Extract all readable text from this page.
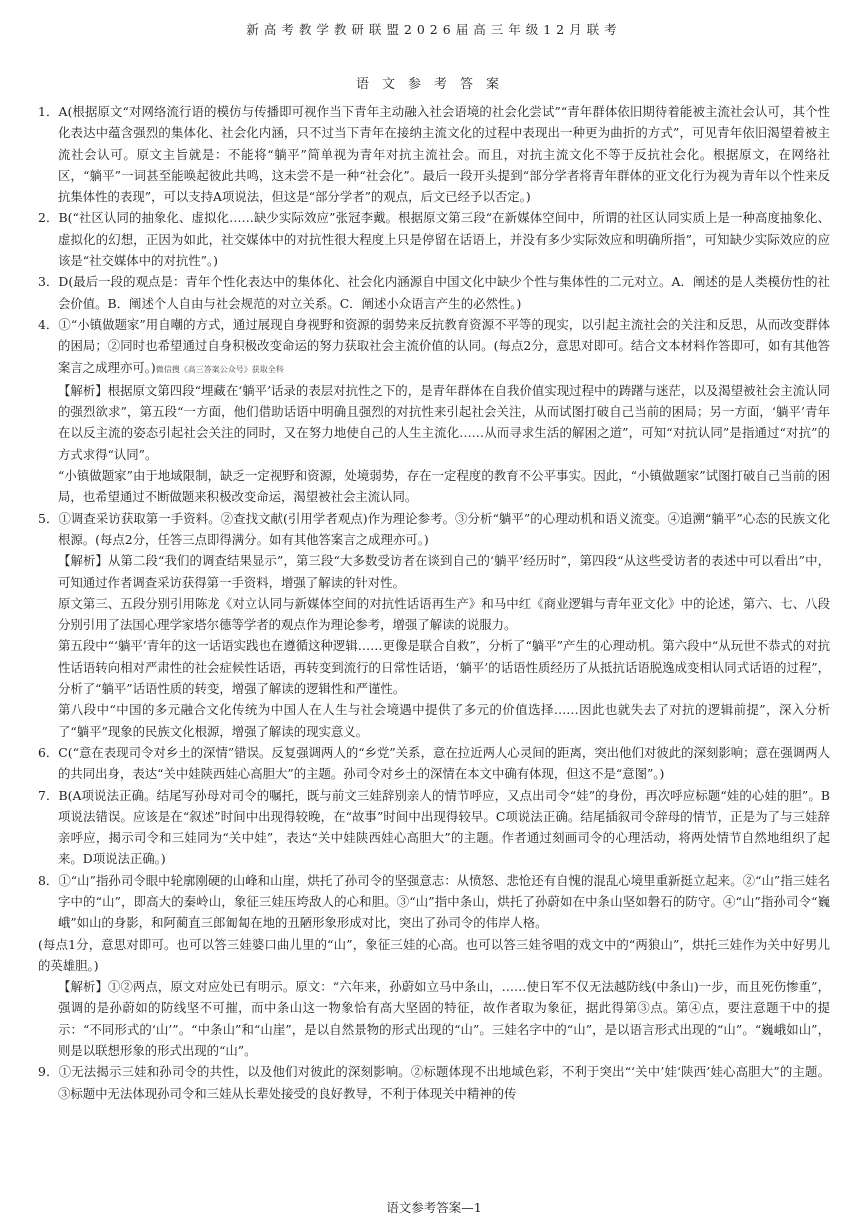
新高考教学教研联盟2026届高三年级12月联考
语文参考答案

1．A(根据原文“对网络流行语的模仿与传播即可视作当下青年主动融入社会语境的社会化尝试”“青年群体依旧期待着能被主流社会认可，其个性化表达中蕴含强烈的集体化、社会化内涵，只不过当下青年在接纳主流文化的过程中表现出一种更为曲折的方式”，可见青年依旧渴望着被主流社会认可。原文主旨就是：不能将“躺平”简单视为青年对抗主流社会。而且，对抗主流文化不等于反抗社会化。根据原文，在网络社区，“躺平”一词甚至能唤起彼此共鸣，这未尝不是一种“社会化”。最后一段开头提到“部分学者将青年群体的亚文化行为视为青年以个性来反抗集体性的表现”，可以支持A项说法，但这是“部分学者”的观点，后文已经予以否定。)

2．B(“社区认同的抽象化、虚拟化……缺少实际效应”张冠李戴。根据原文第三段“在新媒体空间中，所谓的社区认同实质上是一种高度抽象化、虚拟化的幻想，正因为如此，社交媒体中的对抗性很大程度上只是停留在话语上，并没有多少实际效应和明确所指”，可知缺少实际效应的应该是“社交媒体中的对抗性”。)

3．D(最后一段的观点是：青年个性化表达中的集体化、社会化内涵源自中国文化中缺少个性与集体性的二元对立。A．阐述的是人类模仿性的社会价值。B．阐述个人自由与社会规范的对立关系。C．阐述小众语言产生的必然性。)

4．①“小镇做题家”用自嘲的方式，通过展现自身视野和资源的弱势来反抗教育资源不平等的现实，以引起主流社会的关注和反思，从而改变群体的困局；②同时也希望通过自身积极改变命运的努力获取社会主流价值的认同。(每点2分，意思对即可。结合文本材料作答即可，如有其他答案言之成理亦可。)微信搜《高三答案公众号》获取全科

【解析】根据原文第四段“埋藏在‘躺平’话录的表层对抗性之下的，是青年群体在自我价值实现过程中的踌躇与迷茫，以及渴望被社会主流认同的强烈欲求”，第五段“一方面，他们借助话语中明确且强烈的对抗性来引起社会关注，从而试图打破自己当前的困局；另一方面，‘躺平’青年在以反主流的姿态引起社会关注的同时，又在努力地使自己的人生主流化……从而寻求生活的解困之道”，可知“对抗认同”是指通过“对抗”的方式求得“认同”。

“小镇做题家”由于地域限制，缺乏一定视野和资源，处境弱势，存在一定程度的教育不公平事实。因此，“小镇做题家”试图打破自己当前的困局，也希望通过不断做题来积极改变命运，渴望被社会主流认同。

5．①调查采访获取第一手资料。②查找文献(引用学者观点)作为理论参考。③分析“躺平”的心理动机和语义流变。④追溯“躺平”心态的民族文化根源。(每点2分，任答三点即得满分。如有其他答案言之成理亦可。)

【解析】从第二段“我们的调查结果显示”，第三段“大多数受访者在谈到自己的‘躺平’经历时”，第四段“从这些受访者的表述中可以看出”中，可知通过作者调查采访获得第一手资料，增强了解读的针对性。

原文第三、五段分别引用陈龙《对立认同与新媒体空间的对抗性话语再生产》和马中红《商业逻辑与青年亚文化》中的论述，第六、七、八段分别引用了法国心理学家塔尔德等学者的观点作为理论参考，增强了解读的说服力。

第五段中“‘躺平’青年的这一话语实践也在遵循这种逻辑……更像是联合自救”，分析了“躺平”产生的心理动机。第六段中“从玩世不恭式的对抗性话语转向相对严肃性的社会症候性话语，再转变到流行的日常性话语，‘躺平’的话语性质经历了从抵抗话语脱逸成变相认同式话语的过程”，分析了“躺平”话语性质的转变，增强了解读的逻辑性和严谨性。

第八段中“中国的多元融合文化传统为中国人在人生与社会境遇中提供了多元的价值选择……因此也就失去了对抗的逻辑前提”，深入分析了“躺平”现象的民族文化根源，增强了解读的现实意义。

6．C(“意在表现司令对乡土的深情”错误。反复强调两人的“乡党”关系，意在拉近两人心灵间的距离，突出他们对彼此的深刻影响；意在强调两人的共同出身，表达“关中娃陕西娃心高胆大”的主题。孙司令对乡土的深情在本文中确有体现，但这不是“意图”。)

7．B(A项说法正确。结尾写孙母对司令的嘱托，既与前文三娃辞别亲人的情节呼应，又点出司令“娃”的身份，再次呼应标题“娃的心娃的胆”。B项说法错误。应该是在“叙述”时间中出现得较晚，在“故事”时间中出现得较早。C项说法正确。结尾插叙司令辞母的情节，正是为了与三娃辞亲呼应，揭示司令和三娃同为“关中娃”，表达“关中娃陕西娃心高胆大”的主题。作者通过刻画司令的心理活动，将两处情节自然地组织了起来。D项说法正确。)

8．①“山”指孙司令眼中轮廓刚硬的山峰和山崖，烘托了孙司令的坚强意志：从愤怒、悲怆还有自愧的混乱心境里重新挺立起来。②“山”指三娃名字中的“山”，即高大的秦岭山，象征三娃压垮敌人的心和胆。③“山”指中条山，烘托了孙蔚如在中条山坚如磐石的防守。④“山”指孙司令“巍峨”如山的身影，和阿蔺直三郎匍匐在地的丑陋形象形成对比，突出了孙司令的伟岸人格。

(每点1分，意思对即可。也可以答三娃婆口曲儿里的“山”，象征三娃的心高。也可以答三娃爷唱的戏文中的“两狼山”，烘托三娃作为关中好男儿的英雄胆。)

【解析】①②两点，原文对应处已有明示。原文：“六年来，孙蔚如立马中条山，……使日军不仅无法越防线(中条山)一步，而且死伤惨重”，强调的是孙蔚如的防线坚不可摧，而中条山这一物象恰有高大坚固的特征，故作者取为象征，据此得第③点。第④点，要注意题干中的提示：“不同形式的‘山’”。“中条山”和“山崖”，是以自然景物的形式出现的“山”。三娃名字中的“山”，是以语言形式出现的“山”。“巍峨如山”，则是以联想形象的形式出现的“山”。

9．①无法揭示三娃和孙司令的共性，以及他们对彼此的深刻影响。②标题体现不出地域色彩，不利于突出“‘关中’娃‘陕西’娃心高胆大”的主题。③标题中无法体现孙司令和三娃从长辈处接受的良好教导，不利于体现关中精神的传

语文参考答案—1
